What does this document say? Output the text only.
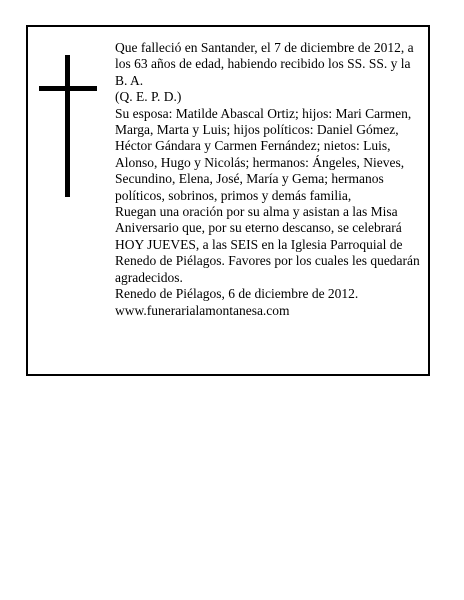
Que falleció en Santander, el 7 de diciembre de 2012, a los 63 años de edad, habiendo recibido los SS. SS. y la B. A.

(Q. E. P. D.)

Su esposa: Matilde Abascal Ortiz; hijos: Mari Carmen, Marga, Marta y Luis; hijos políticos: Daniel Gómez, Héctor Gándara y Carmen Fernández; nietos: Luis, Alonso, Hugo y Nicolás; hermanos: Ángeles, Nieves, Secundino, Elena, José, María y Gema; hermanos políticos, sobrinos, primos y demás familia,

Ruegan una oración por su alma y asistan a las Misa Aniversario que, por su eterno descanso, se celebrará HOY JUEVES, a las SEIS en la Iglesia Parroquial de Renedo de Piélagos. Favores por los cuales les quedarán agradecidos.

Renedo de Piélagos, 6 de diciembre de 2012.

www.funerarialamontanesa.com
